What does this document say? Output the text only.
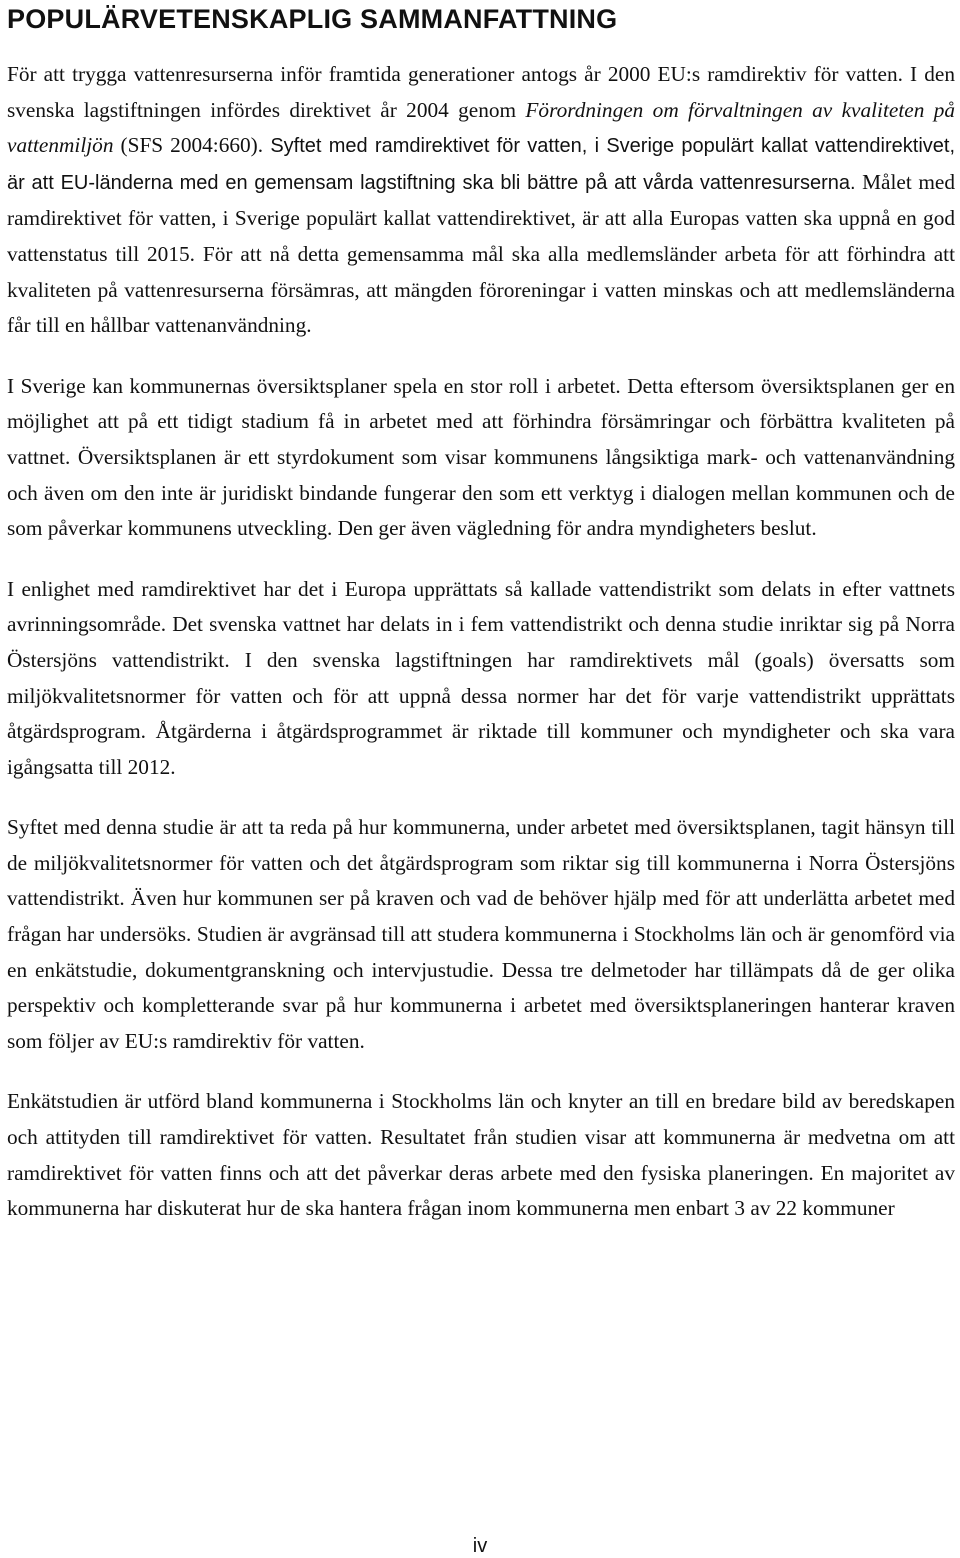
POPULÄRVETENSKAPLIG SAMMANFATTNING

För att trygga vattenresurserna inför framtida generationer antogs år 2000 EU:s ramdirektiv för vatten. I den svenska lagstiftningen infördes direktivet år 2004 genom Förordningen om förvaltningen av kvaliteten på vattenmiljön (SFS 2004:660). Syftet med ramdirektivet för vatten, i Sverige populärt kallat vattendirektivet, är att EU-länderna med en gemensam lagstiftning ska bli bättre på att vårda vattenresurserna. Målet med ramdirektivet för vatten, i Sverige populärt kallat vattendirektivet, är att alla Europas vatten ska uppnå en god vattenstatus till 2015. För att nå detta gemensamma mål ska alla medlemsländer arbeta för att förhindra att kvaliteten på vattenresurserna försämras, att mängden föroreningar i vatten minskas och att medlemsländerna får till en hållbar vattenanvändning.

I Sverige kan kommunernas översiktsplaner spela en stor roll i arbetet. Detta eftersom översiktsplanen ger en möjlighet att på ett tidigt stadium få in arbetet med att förhindra försämringar och förbättra kvaliteten på vattnet. Översiktsplanen är ett styrdokument som visar kommunens långsiktiga mark- och vattenanvändning och även om den inte är juridiskt bindande fungerar den som ett verktyg i dialogen mellan kommunen och de som påverkar kommunens utveckling. Den ger även vägledning för andra myndigheters beslut.

I enlighet med ramdirektivet har det i Europa upprättats så kallade vattendistrikt som delats in efter vattnets avrinningsområde. Det svenska vattnet har delats in i fem vattendistrikt och denna studie inriktar sig på Norra Östersjöns vattendistrikt. I den svenska lagstiftningen har ramdirektivets mål (goals) översatts som miljökvalitetsnormer för vatten och för att uppnå dessa normer har det för varje vattendistrikt upprättats åtgärdsprogram. Åtgärderna i åtgärdsprogrammet är riktade till kommuner och myndigheter och ska vara igångsatta till 2012.

Syftet med denna studie är att ta reda på hur kommunerna, under arbetet med översiktsplanen, tagit hänsyn till de miljökvalitetsnormer för vatten och det åtgärdsprogram som riktar sig till kommunerna i Norra Östersjöns vattendistrikt. Även hur kommunen ser på kraven och vad de behöver hjälp med för att underlätta arbetet med frågan har undersöks. Studien är avgränsad till att studera kommunerna i Stockholms län och är genomförd via en enkätstudie, dokumentgranskning och intervjustudie. Dessa tre delmetoder har tillämpats då de ger olika perspektiv och kompletterande svar på hur kommunerna i arbetet med översiktsplaneringen hanterar kraven som följer av EU:s ramdirektiv för vatten.

Enkätstudien är utförd bland kommunerna i Stockholms län och knyter an till en bredare bild av beredskapen och attityden till ramdirektivet för vatten. Resultatet från studien visar att kommunerna är medvetna om att ramdirektivet för vatten finns och att det påverkar deras arbete med den fysiska planeringen. En majoritet av kommunerna har diskuterat hur de ska hantera frågan inom kommunerna men enbart 3 av 22 kommuner

iv
